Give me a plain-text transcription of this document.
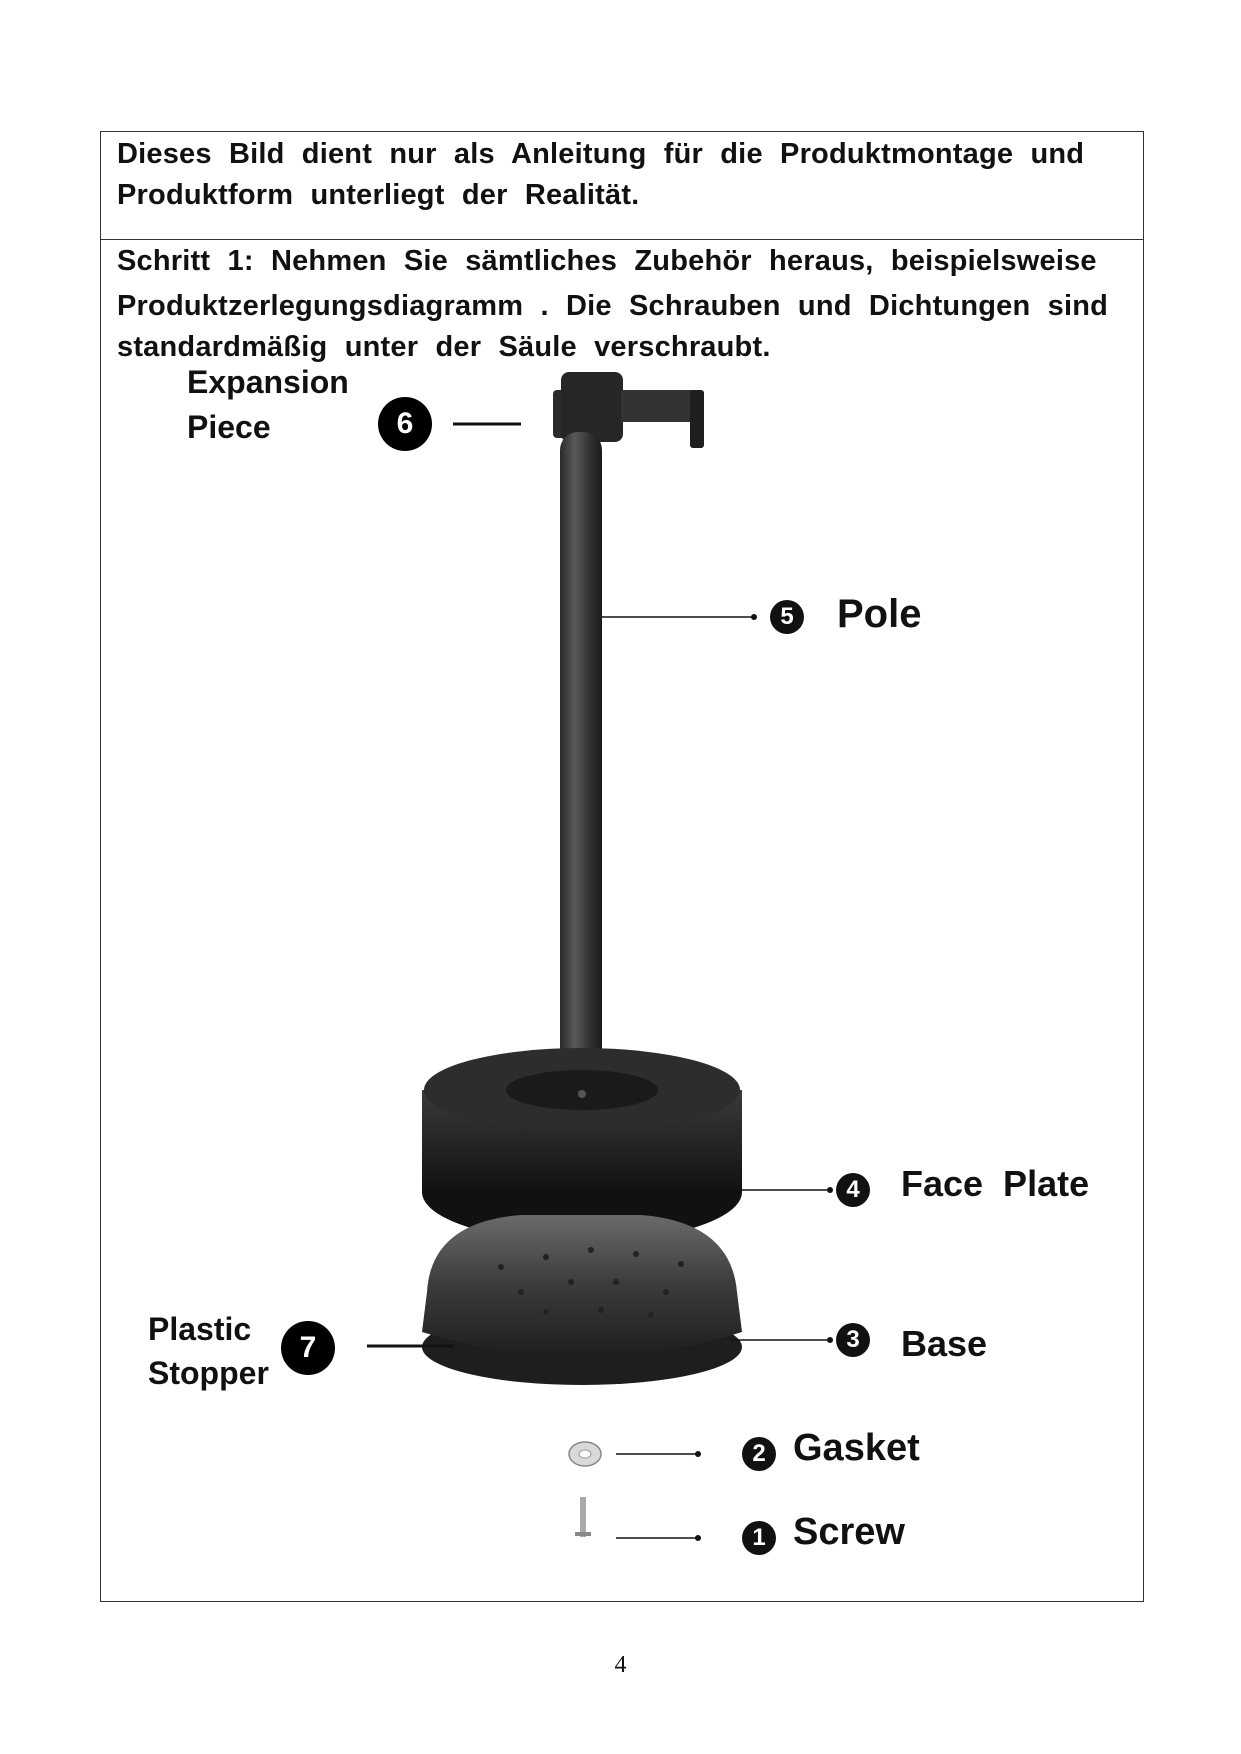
Dieses Bild dient nur als Anleitung für die Produktmontage und
Produktform unterliegt der Realität.
Schritt 1: Nehmen Sie sämtliches Zubehör heraus, beispielsweise
Produktzerlegungsdiagramm . Die Schrauben und Dichtungen sind
standardmäßig unter der Säule verschraubt.
Expansion
Piece	6
5 Pole
4 Face  Plate
3 Base
Plastic
Stopper
7
2 Gasket
1 Screw
4
